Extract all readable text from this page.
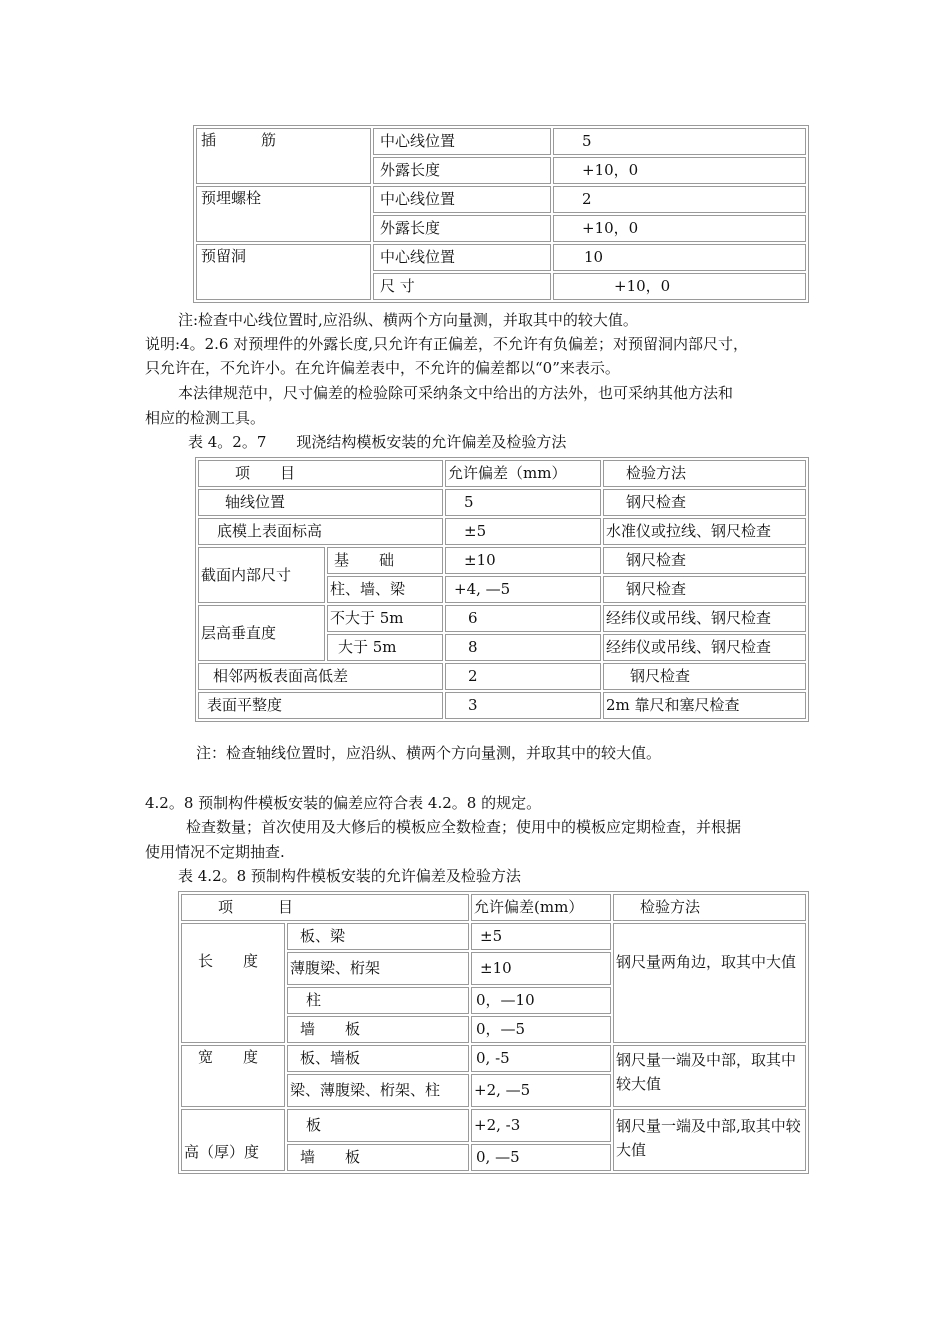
插　　　筋	中心线位置	5
	外露长度	+10，0
预埋螺栓	中心线位置	2
	外露长度	+10，0
预留洞	中心线位置	10
	尺 寸	+10，0
注:检查中心线位置时,应沿纵、横两个方向量测，并取其中的较大值。
说明:4。2.6 对预埋件的外露长度,只允许有正偏差，不允许有负偏差；对预留洞内部尺寸，
只允许在，不允许小。在允许偏差表中，不允许的偏差都以“0”来表示。
本法律规范中，尺寸偏差的检验除可采纳条文中给出的方法外，也可采纳其他方法和
相应的检测工具。
表 4。2。7　　现浇结构模板安装的允许偏差及检验方法
项　　目		允许偏差（mm）	检验方法
轴线位置		5	钢尺检查
底模上表面标高		±5	水准仪或拉线、钢尺检查
截面内部尺寸	基　　础	±10	钢尺检查
	柱、墙、梁	+4, —5	钢尺检查
层高垂直度	不大于 5m	6	经纬仪或吊线、钢尺检查
	大于 5m	8	经纬仪或吊线、钢尺检查
相邻两板表面高低差		2	钢尺检查
表面平整度		3	2m 靠尺和塞尺检查
注：检查轴线位置时，应沿纵、横两个方向量测，并取其中的较大值。
4.2。8 预制构件模板安装的偏差应符合表 4.2。8 的规定。
检查数量；首次使用及大修后的模板应全数检查；使用中的模板应定期检查，并根据
使用情况不定期抽查.
表 4.2。8 预制构件模板安装的允许偏差及检验方法
项　　　目		允许偏差(mm）	检验方法
长　　度	板、梁	±5	钢尺量两角边，取其中大值
	薄腹梁、桁架	±10	
	柱	0，—10	
	墙　　板	0，—5	
宽　　度	板、墙板	0, -5	钢尺量一端及中部，取其中较大值
	梁、薄腹梁、桁架、柱	+2, —5	
高（厚）度	板	+2, -3	钢尺量一端及中部,取其中较大值
	墙　　板	0, —5	
